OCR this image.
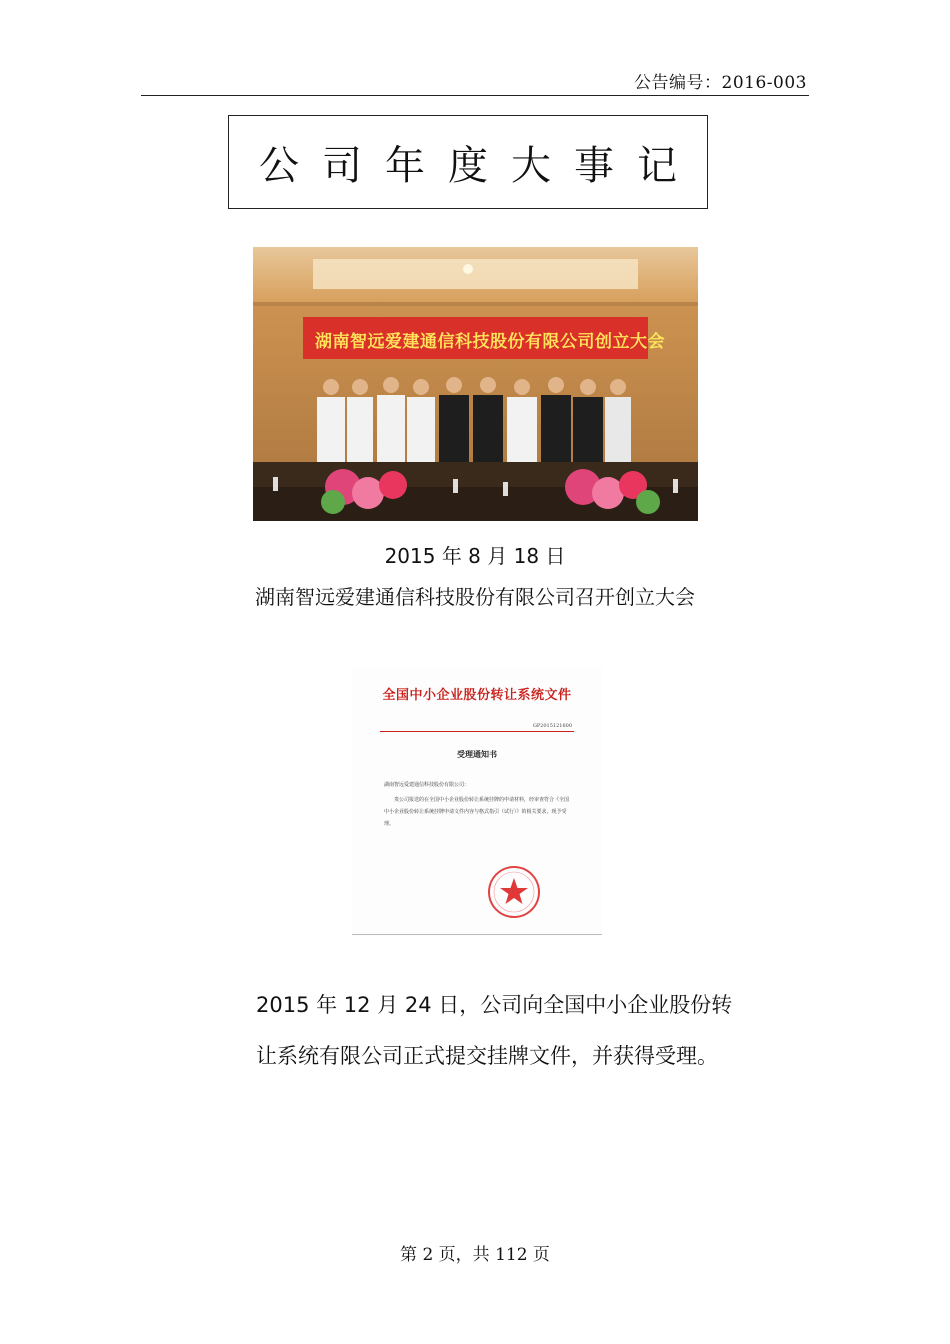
公告编号：2016-003
公司年度大事记
湖南智远爱建通信科技股份有限公司创立大会
2015 年 8 月 18 日
湖南智远爱建通信科技股份有限公司召开创立大会
全国中小企业股份转让系统文件
GP2015121600
受理通知书
湖南智远爱建通信科技股份有限公司：
贵公司报送的在全国中小企业股份转让系统挂牌的申请材料，经审查符合《全国中小企业股份转让系统挂牌申请文件内容与格式指引（试行）》的相关要求，现予受理。
2015 年 12 月 24 日，公司向全国中小企业股份转
让系统有限公司正式提交挂牌文件，并获得受理。
第 2 页，共 112 页
